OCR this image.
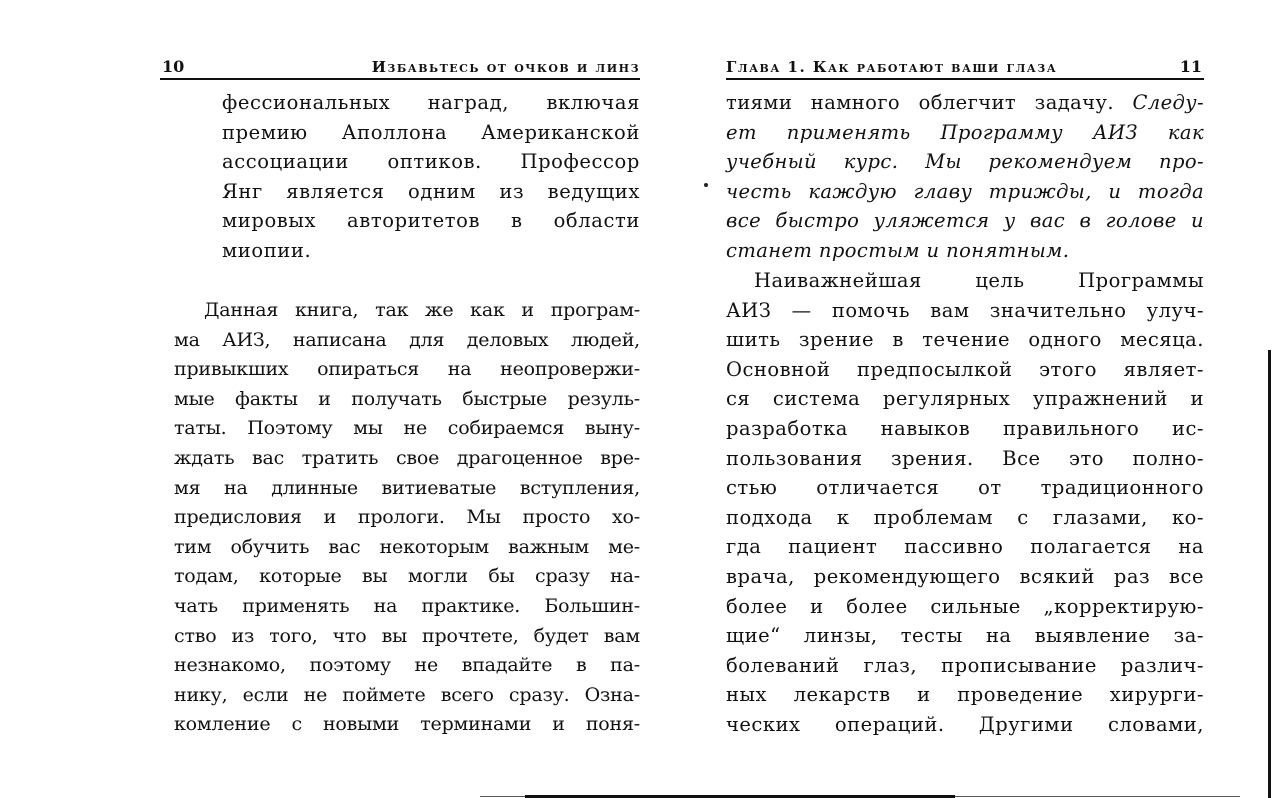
10	Избавьтесь от очков и линз
фессиональных наград, включая
премию Аполлона Американской
ассоциации оптиков. Профессор
Янг является одним из ведущих
мировых авторитетов в области
миопии.
Данная книга, так же как и програм-
ма АИЗ, написана для деловых людей,
привыкших опираться на неопровержи-
мые факты и получать быстрые резуль-
таты. Поэтому мы не собираемся выну-
ждать вас тратить свое драгоценное вре-
мя на длинные витиеватые вступления,
предисловия и прологи. Мы просто хо-
тим обучить вас некоторым важным ме-
тодам, которые вы могли бы сразу на-
чать применять на практике. Большин-
ство из того, что вы прочтете, будет вам
незнакомо, поэтому не впадайте в па-
нику, если не поймете всего сразу. Озна-
комление с новыми терминами и поня-
Глава 1. Как работают ваши глаза	11
тиями намного облегчит задачу. Следу-
ет применять Программу АИЗ как
учебный курс. Мы рекомендуем про-
честь каждую главу трижды, и тогда
все быстро уляжется у вас в голове и
станет простым и понятным.
Наиважнейшая цель Программы
АИЗ — помочь вам значительно улуч-
шить зрение в течение одного месяца.
Основной предпосылкой этого являет-
ся система регулярных упражнений и
разработка навыков правильного ис-
пользования зрения. Все это полно-
стью отличается от традиционного
подхода к проблемам с глазами, ко-
гда пациент пассивно полагается на
врача, рекомендующего всякий раз все
более и более сильные „корректирую-
щие“ линзы, тесты на выявление за-
болеваний глаз, прописывание различ-
ных лекарств и проведение хирурги-
ческих операций. Другими словами,
